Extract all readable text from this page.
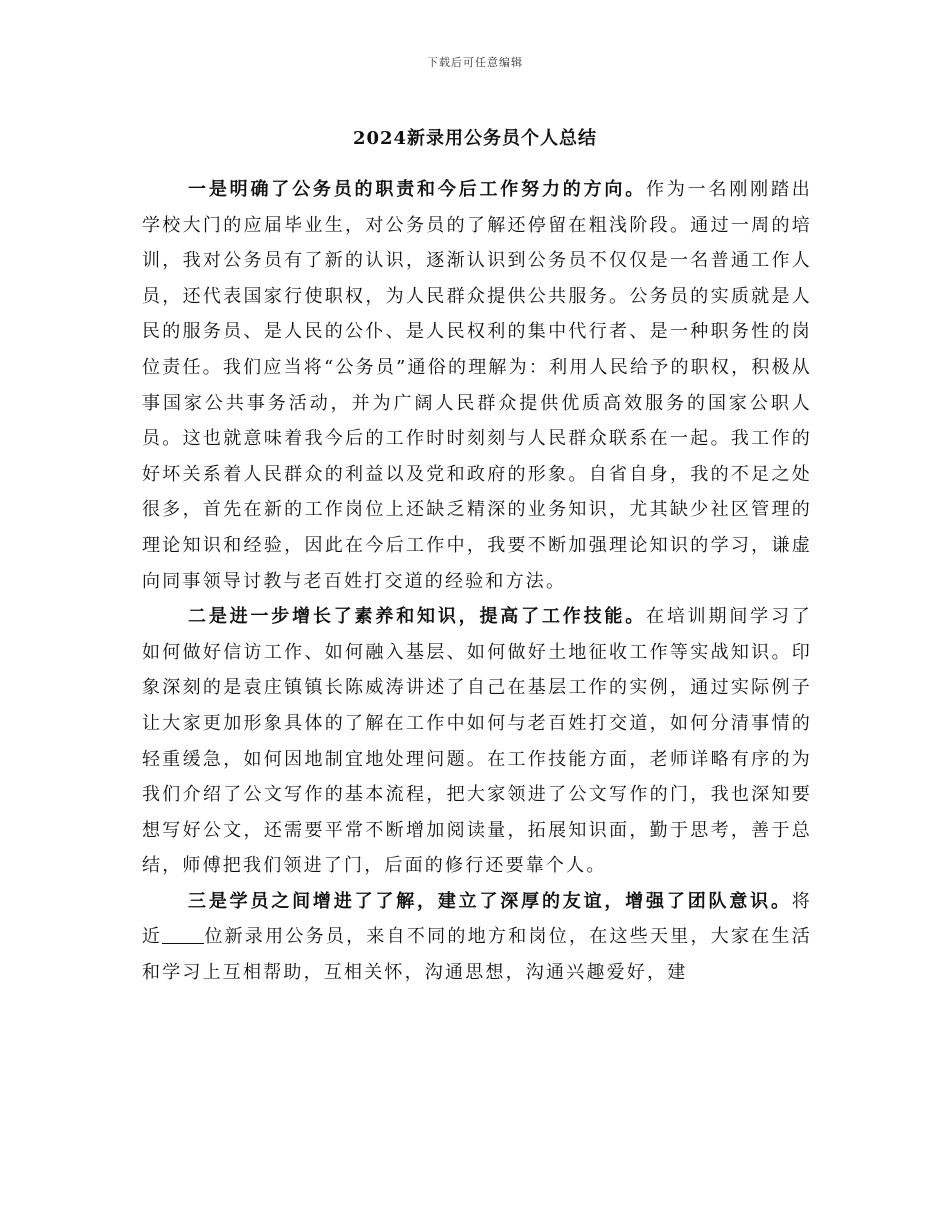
下载后可任意编辑
2024新录用公务员个人总结

一是明确了公务员的职责和今后工作努力的方向。作为一名刚刚踏出学校大门的应届毕业生，对公务员的了解还停留在粗浅阶段。通过一周的培训，我对公务员有了新的认识，逐渐认识到公务员不仅仅是一名普通工作人员，还代表国家行使职权，为人民群众提供公共服务。公务员的实质就是人民的服务员、是人民的公仆、是人民权利的集中代行者、是一种职务性的岗位责任。我们应当将“公务员”通俗的理解为：利用人民给予的职权，积极从事国家公共事务活动，并为广阔人民群众提供优质高效服务的国家公职人员。这也就意味着我今后的工作时时刻刻与人民群众联系在一起。我工作的好坏关系着人民群众的利益以及党和政府的形象。自省自身，我的不足之处很多，首先在新的工作岗位上还缺乏精深的业务知识，尤其缺少社区管理的理论知识和经验，因此在今后工作中，我要不断加强理论知识的学习，谦虚向同事领导讨教与老百姓打交道的经验和方法。

二是进一步增长了素养和知识，提高了工作技能。在培训期间学习了如何做好信访工作、如何融入基层、如何做好土地征收工作等实战知识。印象深刻的是袁庄镇镇长陈威涛讲述了自己在基层工作的实例，通过实际例子让大家更加形象具体的了解在工作中如何与老百姓打交道，如何分清事情的轻重缓急，如何因地制宜地处理问题。在工作技能方面，老师详略有序的为我们介绍了公文写作的基本流程，把大家领进了公文写作的门，我也深知要想写好公文，还需要平常不断增加阅读量，拓展知识面，勤于思考，善于总结，师傅把我们领进了门，后面的修行还要靠个人。

三是学员之间增进了了解，建立了深厚的友谊，增强了团队意识。将近 位新录用公务员，来自不同的地方和岗位，在这些天里，大家在生活和学习上互相帮助，互相关怀，沟通思想，沟通兴趣爱好，建
